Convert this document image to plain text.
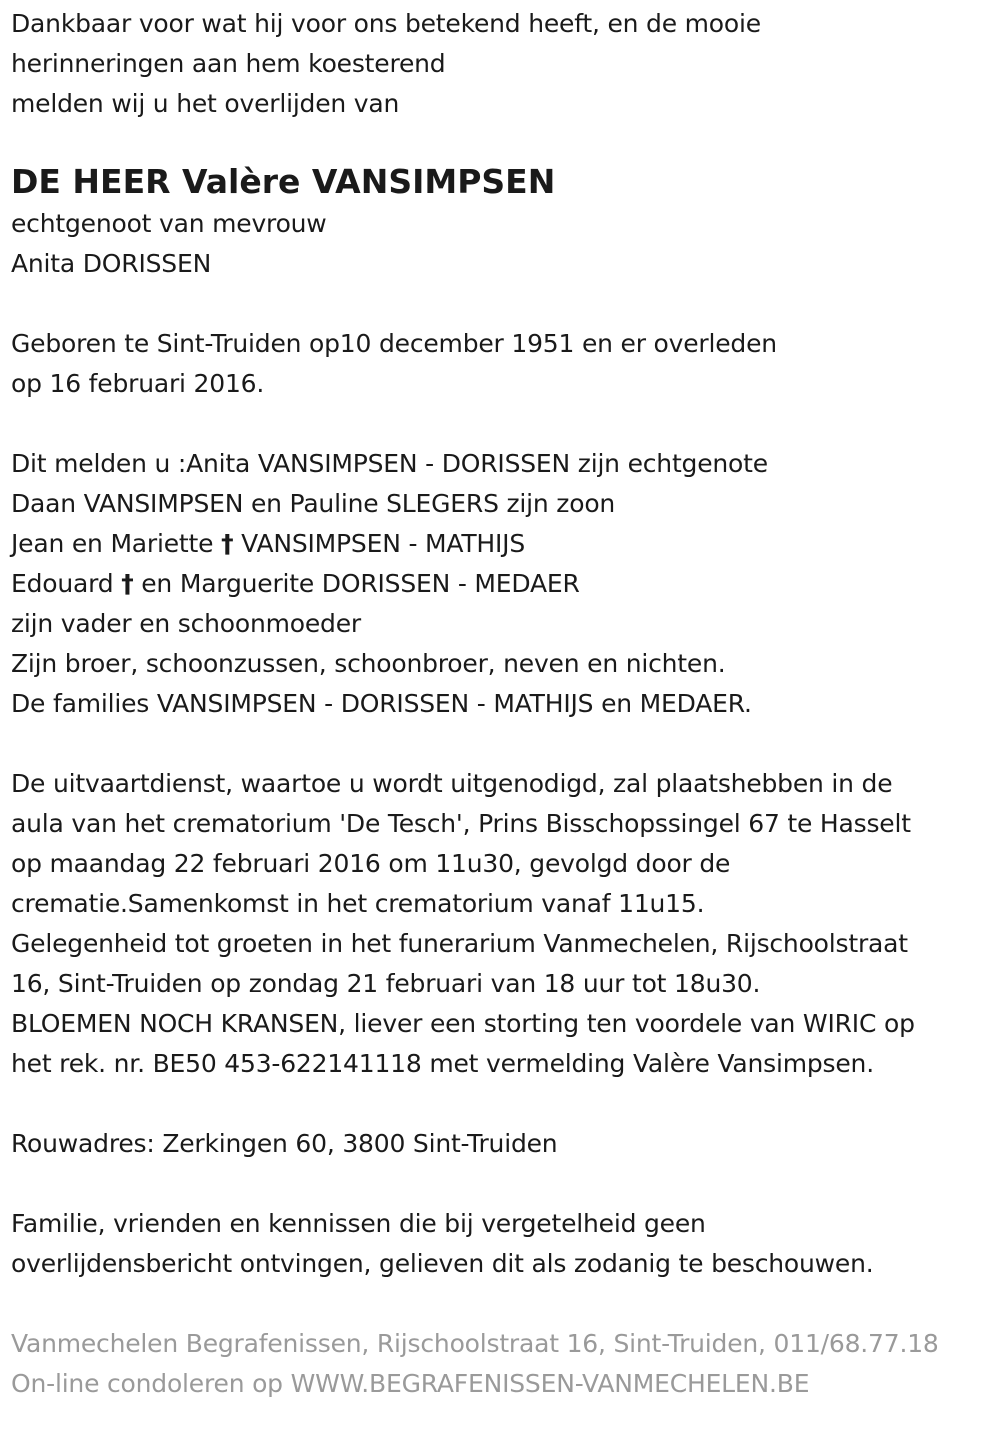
Dankbaar voor wat hij voor ons betekend heeft, en de mooie
herinneringen aan hem koesterend
melden wij u het overlijden van
DE HEER Valère VANSIMPSEN
echtgenoot van mevrouw
Anita DORISSEN
Geboren te Sint-Truiden op10 december 1951 en er overleden
op 16 februari 2016.
Dit melden u :Anita VANSIMPSEN - DORISSEN zijn echtgenote
Daan VANSIMPSEN en Pauline SLEGERS zijn zoon
Jean en Mariette † VANSIMPSEN - MATHIJS
Edouard † en Marguerite DORISSEN - MEDAER
zijn vader en schoonmoeder
Zijn broer, schoonzussen, schoonbroer, neven en nichten.
De families VANSIMPSEN - DORISSEN - MATHIJS en MEDAER.
De uitvaartdienst, waartoe u wordt uitgenodigd, zal plaatshebben in de
aula van het crematorium 'De Tesch', Prins Bisschopssingel 67 te Hasselt
op maandag 22 februari 2016 om 11u30, gevolgd door de
crematie.Samenkomst in het crematorium vanaf 11u15.
Gelegenheid tot groeten in het funerarium Vanmechelen, Rijschoolstraat
16, Sint-Truiden op zondag 21 februari van 18 uur tot 18u30.
BLOEMEN NOCH KRANSEN, liever een storting ten voordele van WIRIC op
het rek. nr. BE50 453-622141118 met vermelding Valère Vansimpsen.
Rouwadres: Zerkingen 60, 3800 Sint-Truiden
Familie, vrienden en kennissen die bij vergetelheid geen
overlijdensbericht ontvingen, gelieven dit als zodanig te beschouwen.
Vanmechelen Begrafenissen, Rijschoolstraat 16, Sint-Truiden, 011/68.77.18
On-line condoleren op WWW.BEGRAFENISSEN-VANMECHELEN.BE
